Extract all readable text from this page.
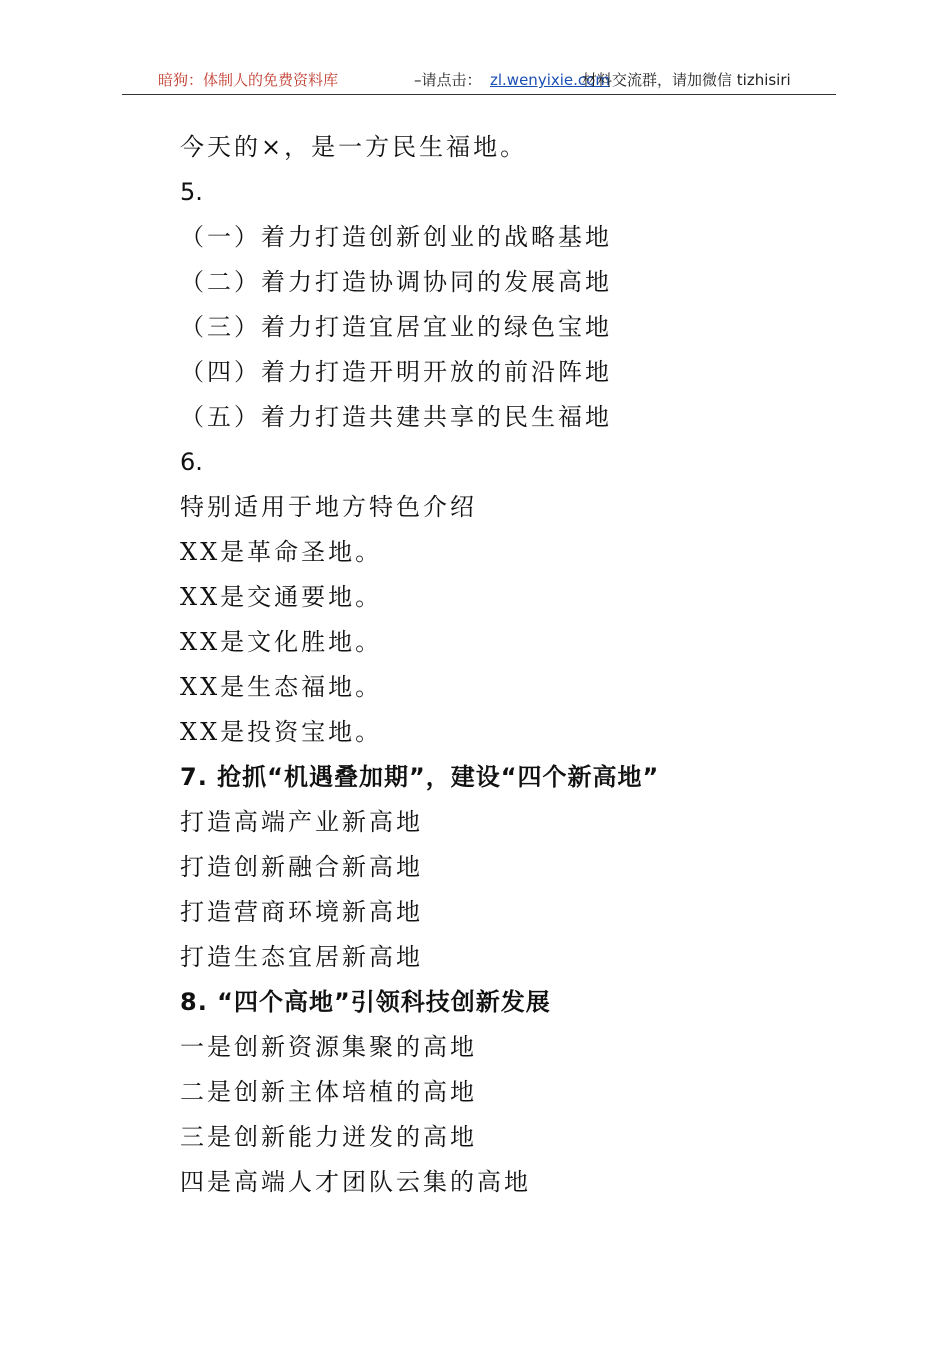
暗狗：体制人的免费资料库	–请点击： zl.wenyixie.com
材料交流群，请加微信 tizhisiri
今天的×，是一方民生福地。
5.
（一）着力打造创新创业的战略基地
（二）着力打造协调协同的发展高地
（三）着力打造宜居宜业的绿色宝地
（四）着力打造开明开放的前沿阵地
（五）着力打造共建共享的民生福地
6.
特别适用于地方特色介绍
XX是革命圣地。
XX是交通要地。
XX是文化胜地。
XX是生态福地。
XX是投资宝地。
7. 抢抓“机遇叠加期”，建设“四个新高地”
打造高端产业新高地
打造创新融合新高地
打造营商环境新高地
打造生态宜居新高地
8. “四个高地”引领科技创新发展
一是创新资源集聚的高地
二是创新主体培植的高地
三是创新能力迸发的高地
四是高端人才团队云集的高地
